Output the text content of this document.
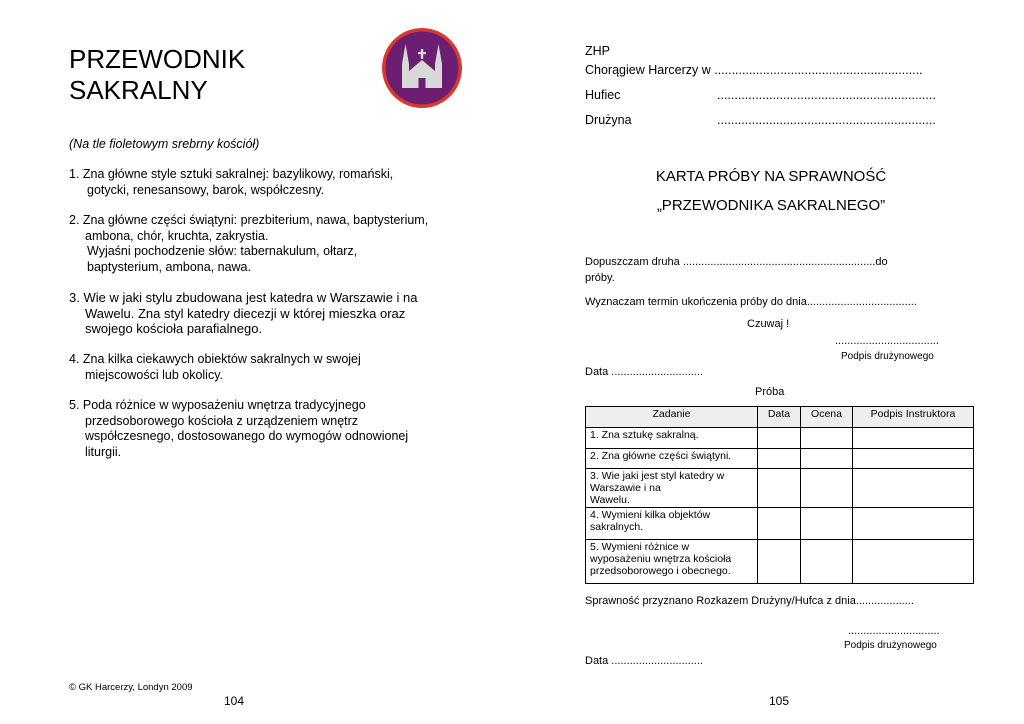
PRZEWODNIK
SAKRALNY
(Na tle fioletowym srebrny kościół)
1. Zna główne style sztuki sakralnej: bazylikowy, romański,
gotycki, renesansowy, barok, współczesny.
2. Zna główne części świątyni: prezbiterium, nawa, baptysterium,
ambona, chór, kruchta, zakrystia.
Wyjaśni pochodzenie słów: tabernakulum, ołtarz,
baptysterium, ambona, nawa.
3. Wie w jaki stylu zbudowana jest katedra w Warszawie i na
Wawelu. Zna styl katedry diecezji w której mieszka oraz
swojego kościoła parafialnego.
4. Zna kilka ciekawych obiektów sakralnych w swojej
miejscowości lub okolicy.
5. Poda różnice w wyposażeniu wnętrza tradycyjnego
przedsoborowego kościoła z urządzeniem wnętrz
współczesnego, dostosowanego do wymogów odnowionej
liturgii.
© GK Harcerzy, Londyn 2009
104
ZHP
Chorągiew Harcerzy w ............................................................
Hufiec	...............................................................
Drużyna	...............................................................
KARTA PRÓBY NA SPRAWNOŚĆ
„PRZEWODNIKA SAKRALNEGO”
Dopuszczam druha ...............................................................do
próby.
Wyznaczam termin ukończenia próby do dnia....................................
Czuwaj !
..................................
Podpis drużynowego
Data ..............................
Próba
Zadanie	Data	Ocena	Podpis Instruktora

1. Zna sztukę sakralną.			

2. Zna główne części świątyni.			

3. Wie jaki jest styl katedry w
Warszawie i na
Wawelu.			

4. Wymieni kilka objektów
sakralnych.			

5. Wymieni różnice w
wyposażeniu wnętrza kościoła
przedsoborowego i obecnego.			

Sprawność przyznano Rozkazem Drużyny/Hufca z dnia...................
..............................
Podpis drużynowego
Data ..............................
105
